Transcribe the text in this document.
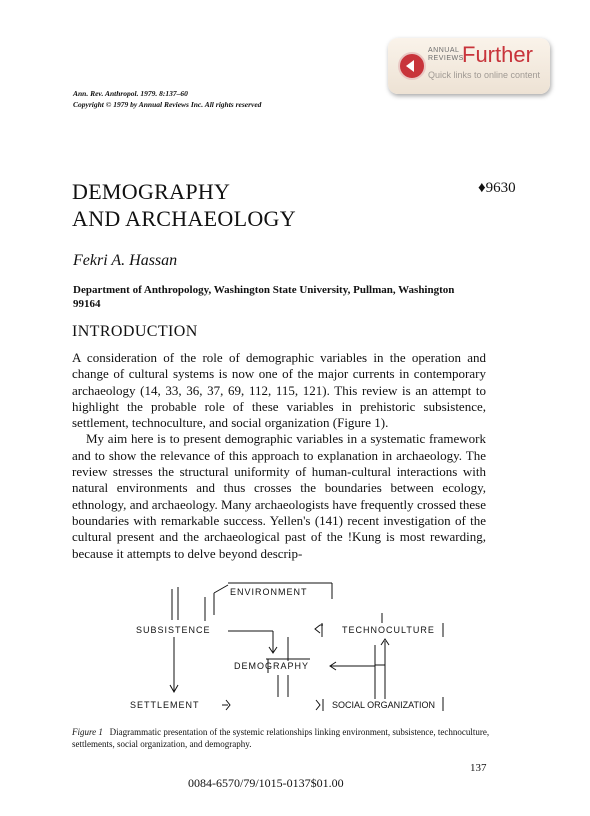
ANNUAL REVIEWS
Further
Quick links to online content
Ann. Rev. Anthropol. 1979. 8:137–60
Copyright © 1979 by Annual Reviews Inc. All rights reserved
DEMOGRAPHY
AND ARCHAEOLOGY
♦9630
Fekri A. Hassan
Department of Anthropology, Washington State University, Pullman, Washington 99164
INTRODUCTION

A consideration of the role of demographic variables in the operation and change of cultural systems is now one of the major currents in contemporary archaeology (14, 33, 36, 37, 69, 112, 115, 121). This review is an attempt to highlight the probable role of these variables in prehistoric subsistence, settlement, technoculture, and social organization (Figure 1).

My aim here is to present demographic variables in a systematic framework and to show the relevance of this approach to explanation in archaeology. The review stresses the structural uniformity of human-cultural interactions with natural environments and thus crosses the boundaries between ecology, ethnology, and archaeology. Many archaeologists have frequently crossed these boundaries with remarkable success. Yellen's (141) recent investigation of the cultural present and the archaeological past of the !Kung is most rewarding, because it attempts to delve beyond descrip-

ENVIRONMENT
SUBSISTENCE	TECHNOCULTURE
DEMOGRAPHY
SETTLEMENT	SOCIAL ORGANIZATION
Figure 1 Diagrammatic presentation of the systemic relationships linking environment, subsistence, technoculture, settlements, social organization, and demography.
137
0084-6570/79/1015-0137$01.00
